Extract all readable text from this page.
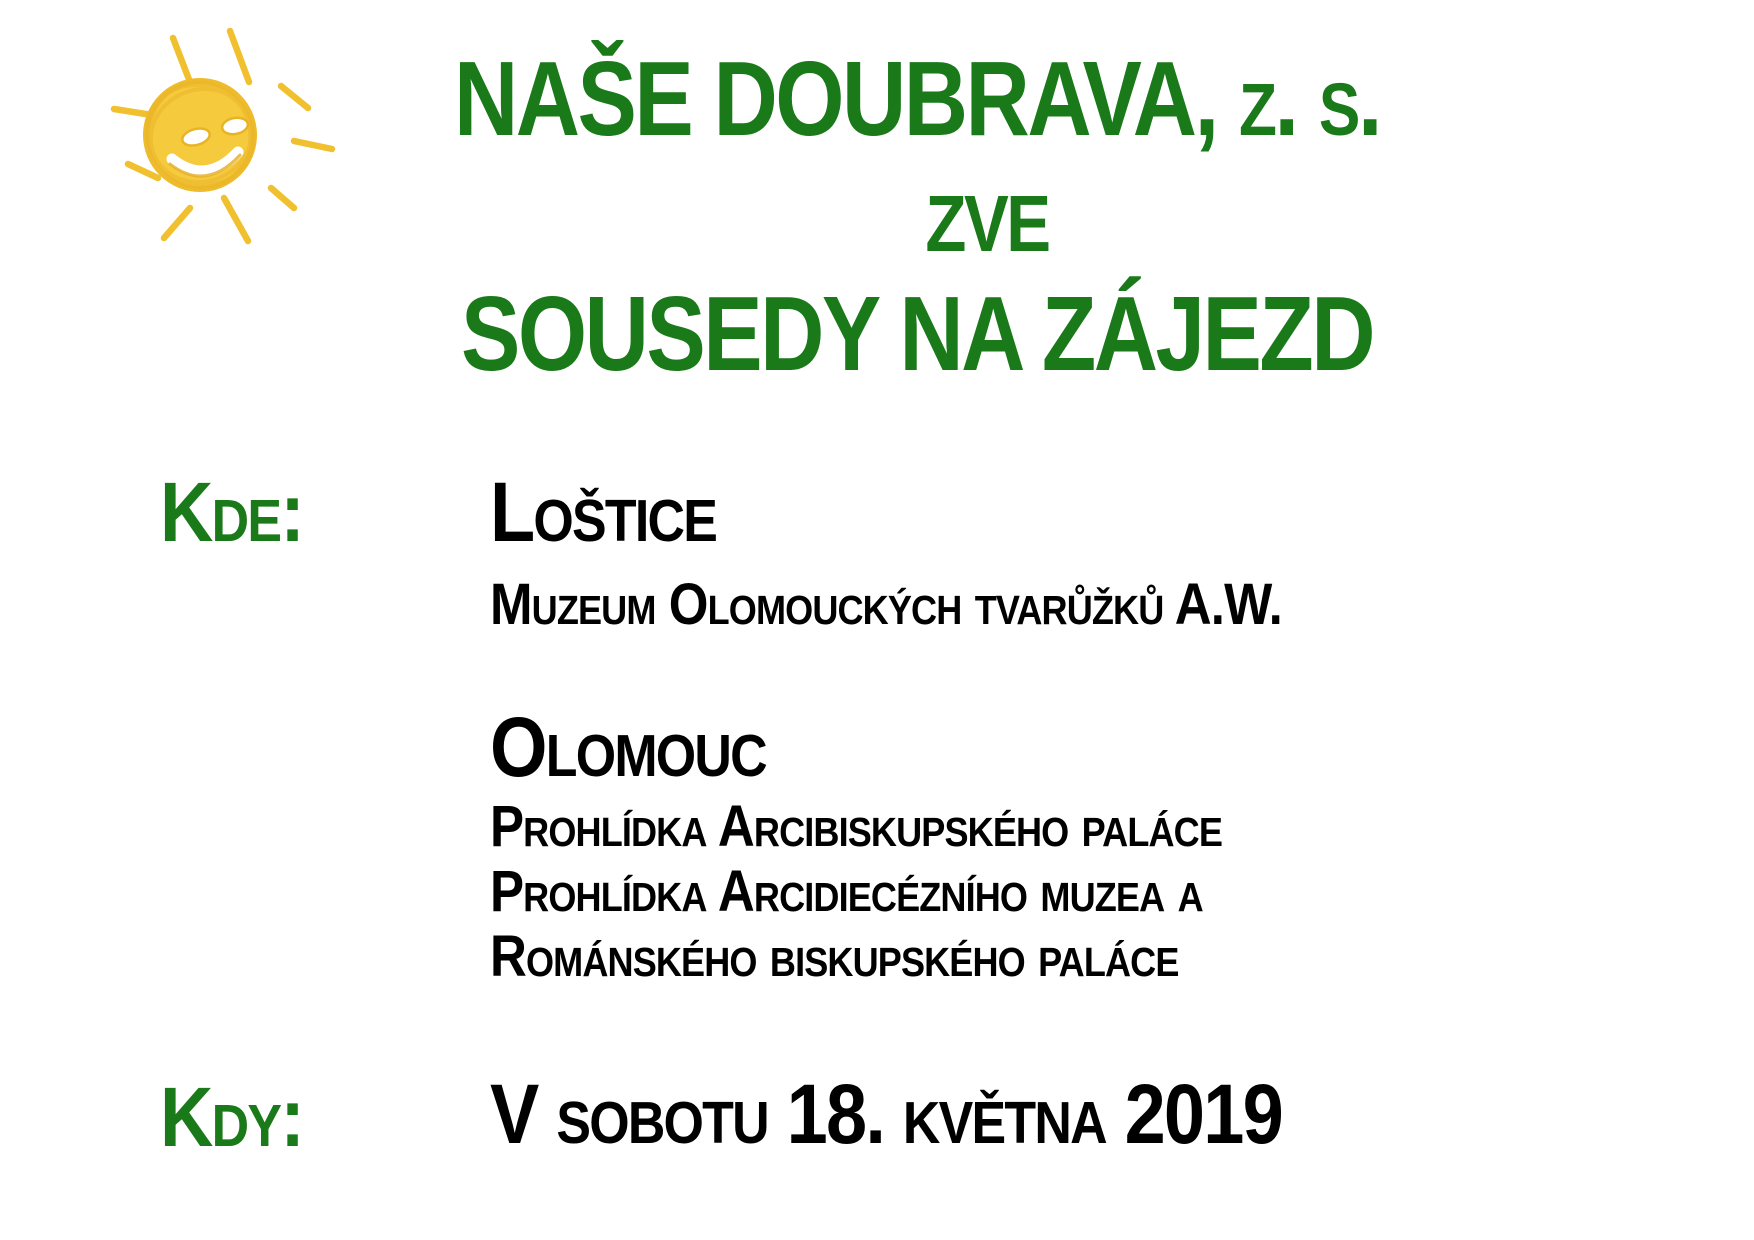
NAŠE DOUBRAVA, z. s.
ZVE
SOUSEDY NA ZÁJEZD
Kde: Loštice
Muzeum Olomouckých tvarůžků A.W.
Olomouc
Prohlídka Arcibiskupského paláce
Prohlídka Arcidiecézního muzea a
Románského biskupského paláce
Kdy: V sobotu 18. května 2019
